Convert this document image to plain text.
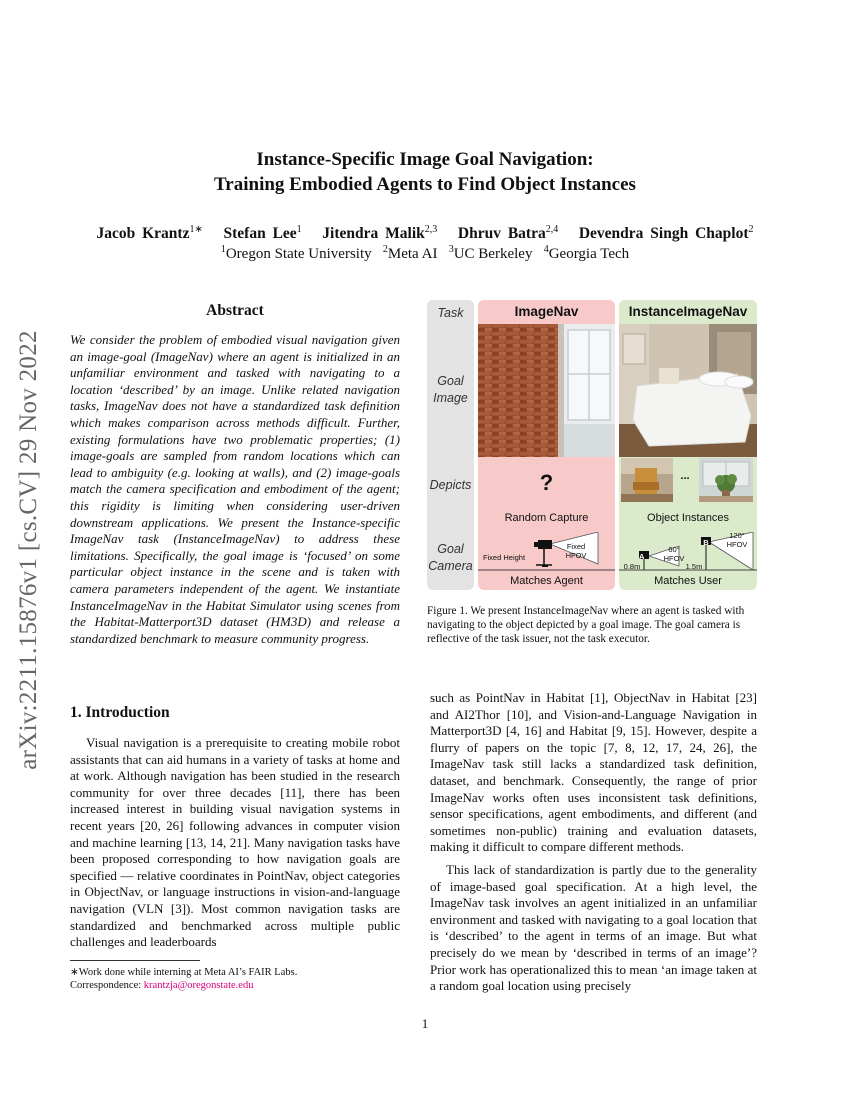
arXiv:2211.15876v1 [cs.CV] 29 Nov 2022
Instance-Specific Image Goal Navigation:
Training Embodied Agents to Find Object Instances
Jacob Krantz$^{1∗}$ Stefan Lee$^1$ Jitendra Malik$^{2,3}$ Dhruv Batra$^{2,4}$ Devendra Singh Chaplot$^2$
$^1$Oregon State University $^2$Meta AI $^3$UC Berkeley $^4$Georgia Tech
Abstract
We consider the problem of embodied visual navigation given an image-goal (ImageNav) where an agent is initialized in an unfamiliar environment and tasked with navigating to a location ‘described’ by an image. Unlike related navigation tasks, ImageNav does not have a standardized task definition which makes comparison across methods difficult. Further, existing formulations have two problematic properties; (1) image-goals are sampled from random locations which can lead to ambiguity (e.g. looking at walls), and (2) image-goals match the camera specification and embodiment of the agent; this rigidity is limiting when considering user-driven downstream applications. We present the Instance-specific ImageNav task (InstanceImageNav) to address these limitations. Specifically, the goal image is ‘focused’ on some particular object instance in the scene and is taken with camera parameters independent of the agent. We instantiate InstanceImageNav in the Habitat Simulator using scenes from the Habitat-Matterport3D dataset (HM3D) and release a standardized benchmark to measure community progress.
1. Introduction
Visual navigation is a prerequisite to creating mobile robot assistants that can aid humans in a variety of tasks at home and at work. Although navigation has been studied in the research community for over three decades [11], there has been increased interest in building visual navigation systems in recent years [20, 26] following advances in computer vision and machine learning [13, 14, 21]. Many navigation tasks have been proposed corresponding to how navigation goals are specified — relative coordinates in PointNav, object categories in ObjectNav, or language instructions in vision-and-language navigation (VLN [3]). Most common navigation tasks are standardized and benchmarked across multiple public challenges and leaderboards

∗Work done while interning at Meta AI’s FAIR Labs.

Correspondence: krantzja@oregonstate.edu

such as PointNav in Habitat [1], ObjectNav in Habitat [23] and AI2Thor [10], and Vision-and-Language Navigation in Matterport3D [4, 16] and Habitat [9, 15]. However, despite a flurry of papers on the topic [7, 8, 12, 17, 24, 26], the ImageNav task still lacks a standardized task definition, dataset, and benchmark. Consequently, the range of prior ImageNav works often uses inconsistent task definitions, sensor specifications, agent embodiments, and different (and sometimes non-public) training and evaluation datasets, making it difficult to compare different methods.

This lack of standardization is partly due to the generality of image-based goal specification. At a high level, the ImageNav task involves an agent initialized in an unfamiliar environment and tasked with navigating to a goal location that is ‘described’ to the agent in terms of an image. But what precisely do we mean by ‘described in terms of an image’? Prior work has operationalized this to mean ‘an image taken at a random goal location using precisely

Task
Goal Image
Depicts
Goal Camera
ImageNav	InstanceImageNav
?
Random Capture
...
Object Instances
Fixed Height
Fixed HFOV
Matches Agent
A
B
60° HFOV
120° HFOV
0.8m	1.5m
Matches User
Figure 1. We present InstanceImageNav where an agent is tasked with navigating to the object depicted by a goal image. The goal camera is reflective of the task issuer, not the task executor.
1
